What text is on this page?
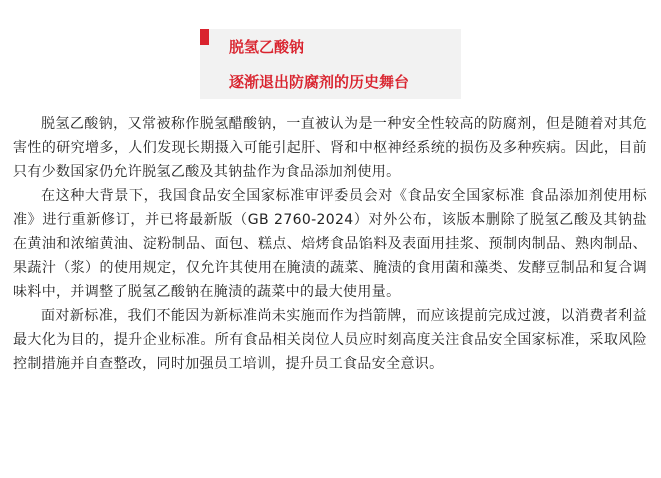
脱氢乙酸钠
逐渐退出防腐剂的历史舞台

脱氢乙酸钠，又常被称作脱氢醋酸钠，一直被认为是一种安全性较高的防腐剂，但是随着对其危害性的研究增多，人们发现长期摄入可能引起肝、肾和中枢神经系统的损伤及多种疾病。因此，目前只有少数国家仍允许脱氢乙酸及其钠盐作为食品添加剂使用。

在这种大背景下，我国食品安全国家标准审评委员会对《食品安全国家标准 食品添加剂使用标准》进行重新修订，并已将最新版（GB 2760-2024）对外公布，该版本删除了脱氢乙酸及其钠盐在黄油和浓缩黄油、淀粉制品、面包、糕点、焙烤食品馅料及表面用挂浆、预制肉制品、熟肉制品、果蔬汁（浆）的使用规定，仅允许其使用在腌渍的蔬菜、腌渍的食用菌和藻类、发酵豆制品和复合调味料中，并调整了脱氢乙酸钠在腌渍的蔬菜中的最大使用量。

面对新标准，我们不能因为新标准尚未实施而作为挡箭牌，而应该提前完成过渡，以消费者利益最大化为目的，提升企业标准。所有食品相关岗位人员应时刻高度关注食品安全国家标准，采取风险控制措施并自查整改，同时加强员工培训，提升员工食品安全意识。
